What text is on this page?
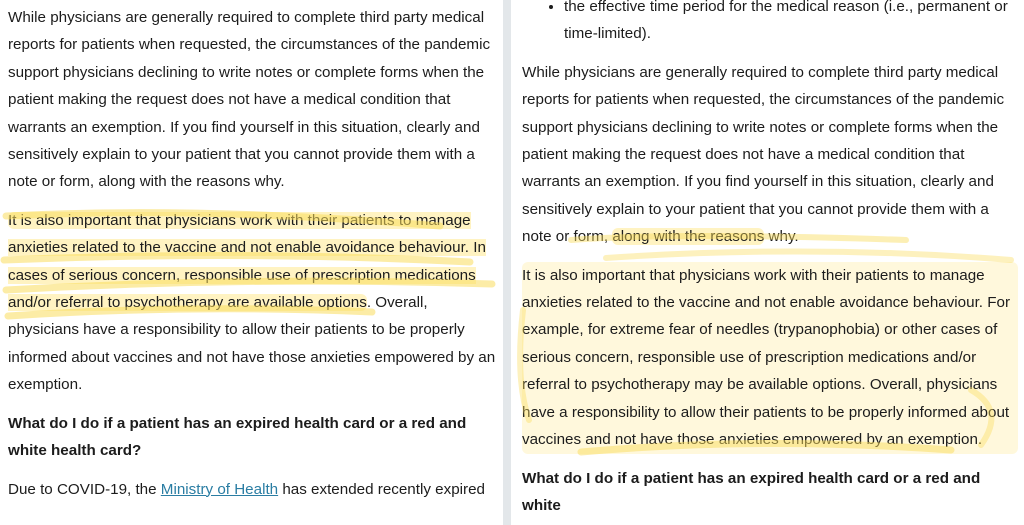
While physicians are generally required to complete third party medical reports for patients when requested, the circumstances of the pandemic support physicians declining to write notes or complete forms when the patient making the request does not have a medical condition that warrants an exemption. If you find yourself in this situation, clearly and sensitively explain to your patient that you cannot provide them with a note or form, along with the reasons why.

It is also important that physicians work with their patients to manage anxieties related to the vaccine and not enable avoidance behaviour. In cases of serious concern, responsible use of prescription medications and/or referral to psychotherapy are available options. Overall, physicians have a responsibility to allow their patients to be properly informed about vaccines and not have those anxieties empowered by an exemption.

What do I do if a patient has an expired health card or a red and white health card?

Due to COVID-19, the Ministry of Health has extended recently expired

• the effective time period for the medical reason (i.e., permanent or time-limited).

While physicians are generally required to complete third party medical reports for patients when requested, the circumstances of the pandemic support physicians declining to write notes or complete forms when the patient making the request does not have a medical condition that warrants an exemption. If you find yourself in this situation, clearly and sensitively explain to your patient that you cannot provide them with a note or form, along with the reasons why.

It is also important that physicians work with their patients to manage anxieties related to the vaccine and not enable avoidance behaviour. For example, for extreme fear of needles (trypanophobia) or other cases of serious concern, responsible use of prescription medications and/or referral to psychotherapy may be available options. Overall, physicians have a responsibility to allow their patients to be properly informed about vaccines and not have those anxieties empowered by an exemption.

What do I do if a patient has an expired health card or a red and white
